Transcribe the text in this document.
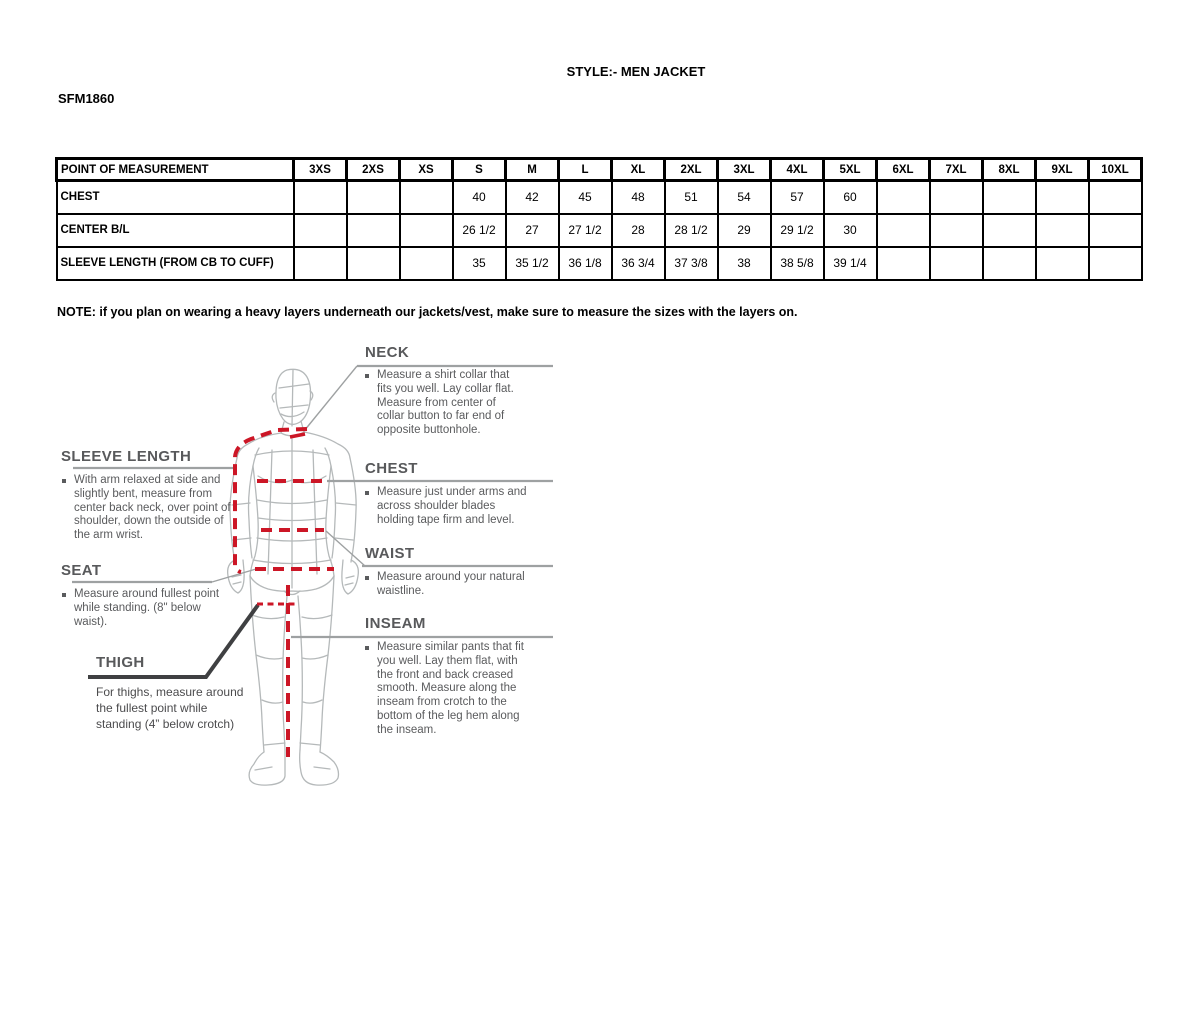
STYLE:- MEN JACKET
SFM1860
POINT OF MEASUREMENT	3XS	2XS	XS	S	M	L	XL	2XL	3XL	4XL	5XL	6XL	7XL	8XL	9XL	10XL
CHEST				40	42	45	48	51	54	57	60					
CENTER B/L				26 1/2	27	27 1/2	28	28 1/2	29	29 1/2	30					
SLEEVE LENGTH (FROM CB TO CUFF)				35	35 1/2	36 1/8	36 3/4	37 3/8	38	38 5/8	39 1/4					
NOTE: if you plan on wearing a heavy layers underneath our jackets/vest, make sure to measure the sizes with the layers on.
NECK

Measure a shirt collar that fits you well. Lay collar flat. Measure from center of collar button to far end of opposite buttonhole.

SLEEVE LENGTH

With arm relaxed at side and slightly bent, measure from center back neck, over point of shoulder, down the outside of the arm wrist.

CHEST

Measure just under arms and across shoulder blades holding tape firm and level.

WAIST

Measure around your natural waistline.

SEAT

Measure around fullest point while standing. (8" below waist).	INSEAM

Measure similar pants that fit you well. Lay them flat, with the front and back creased smooth. Measure along the inseam from crotch to the bottom of the leg hem along the inseam.

THIGH

For thighs, measure around the fullest point while standing (4” below crotch)
